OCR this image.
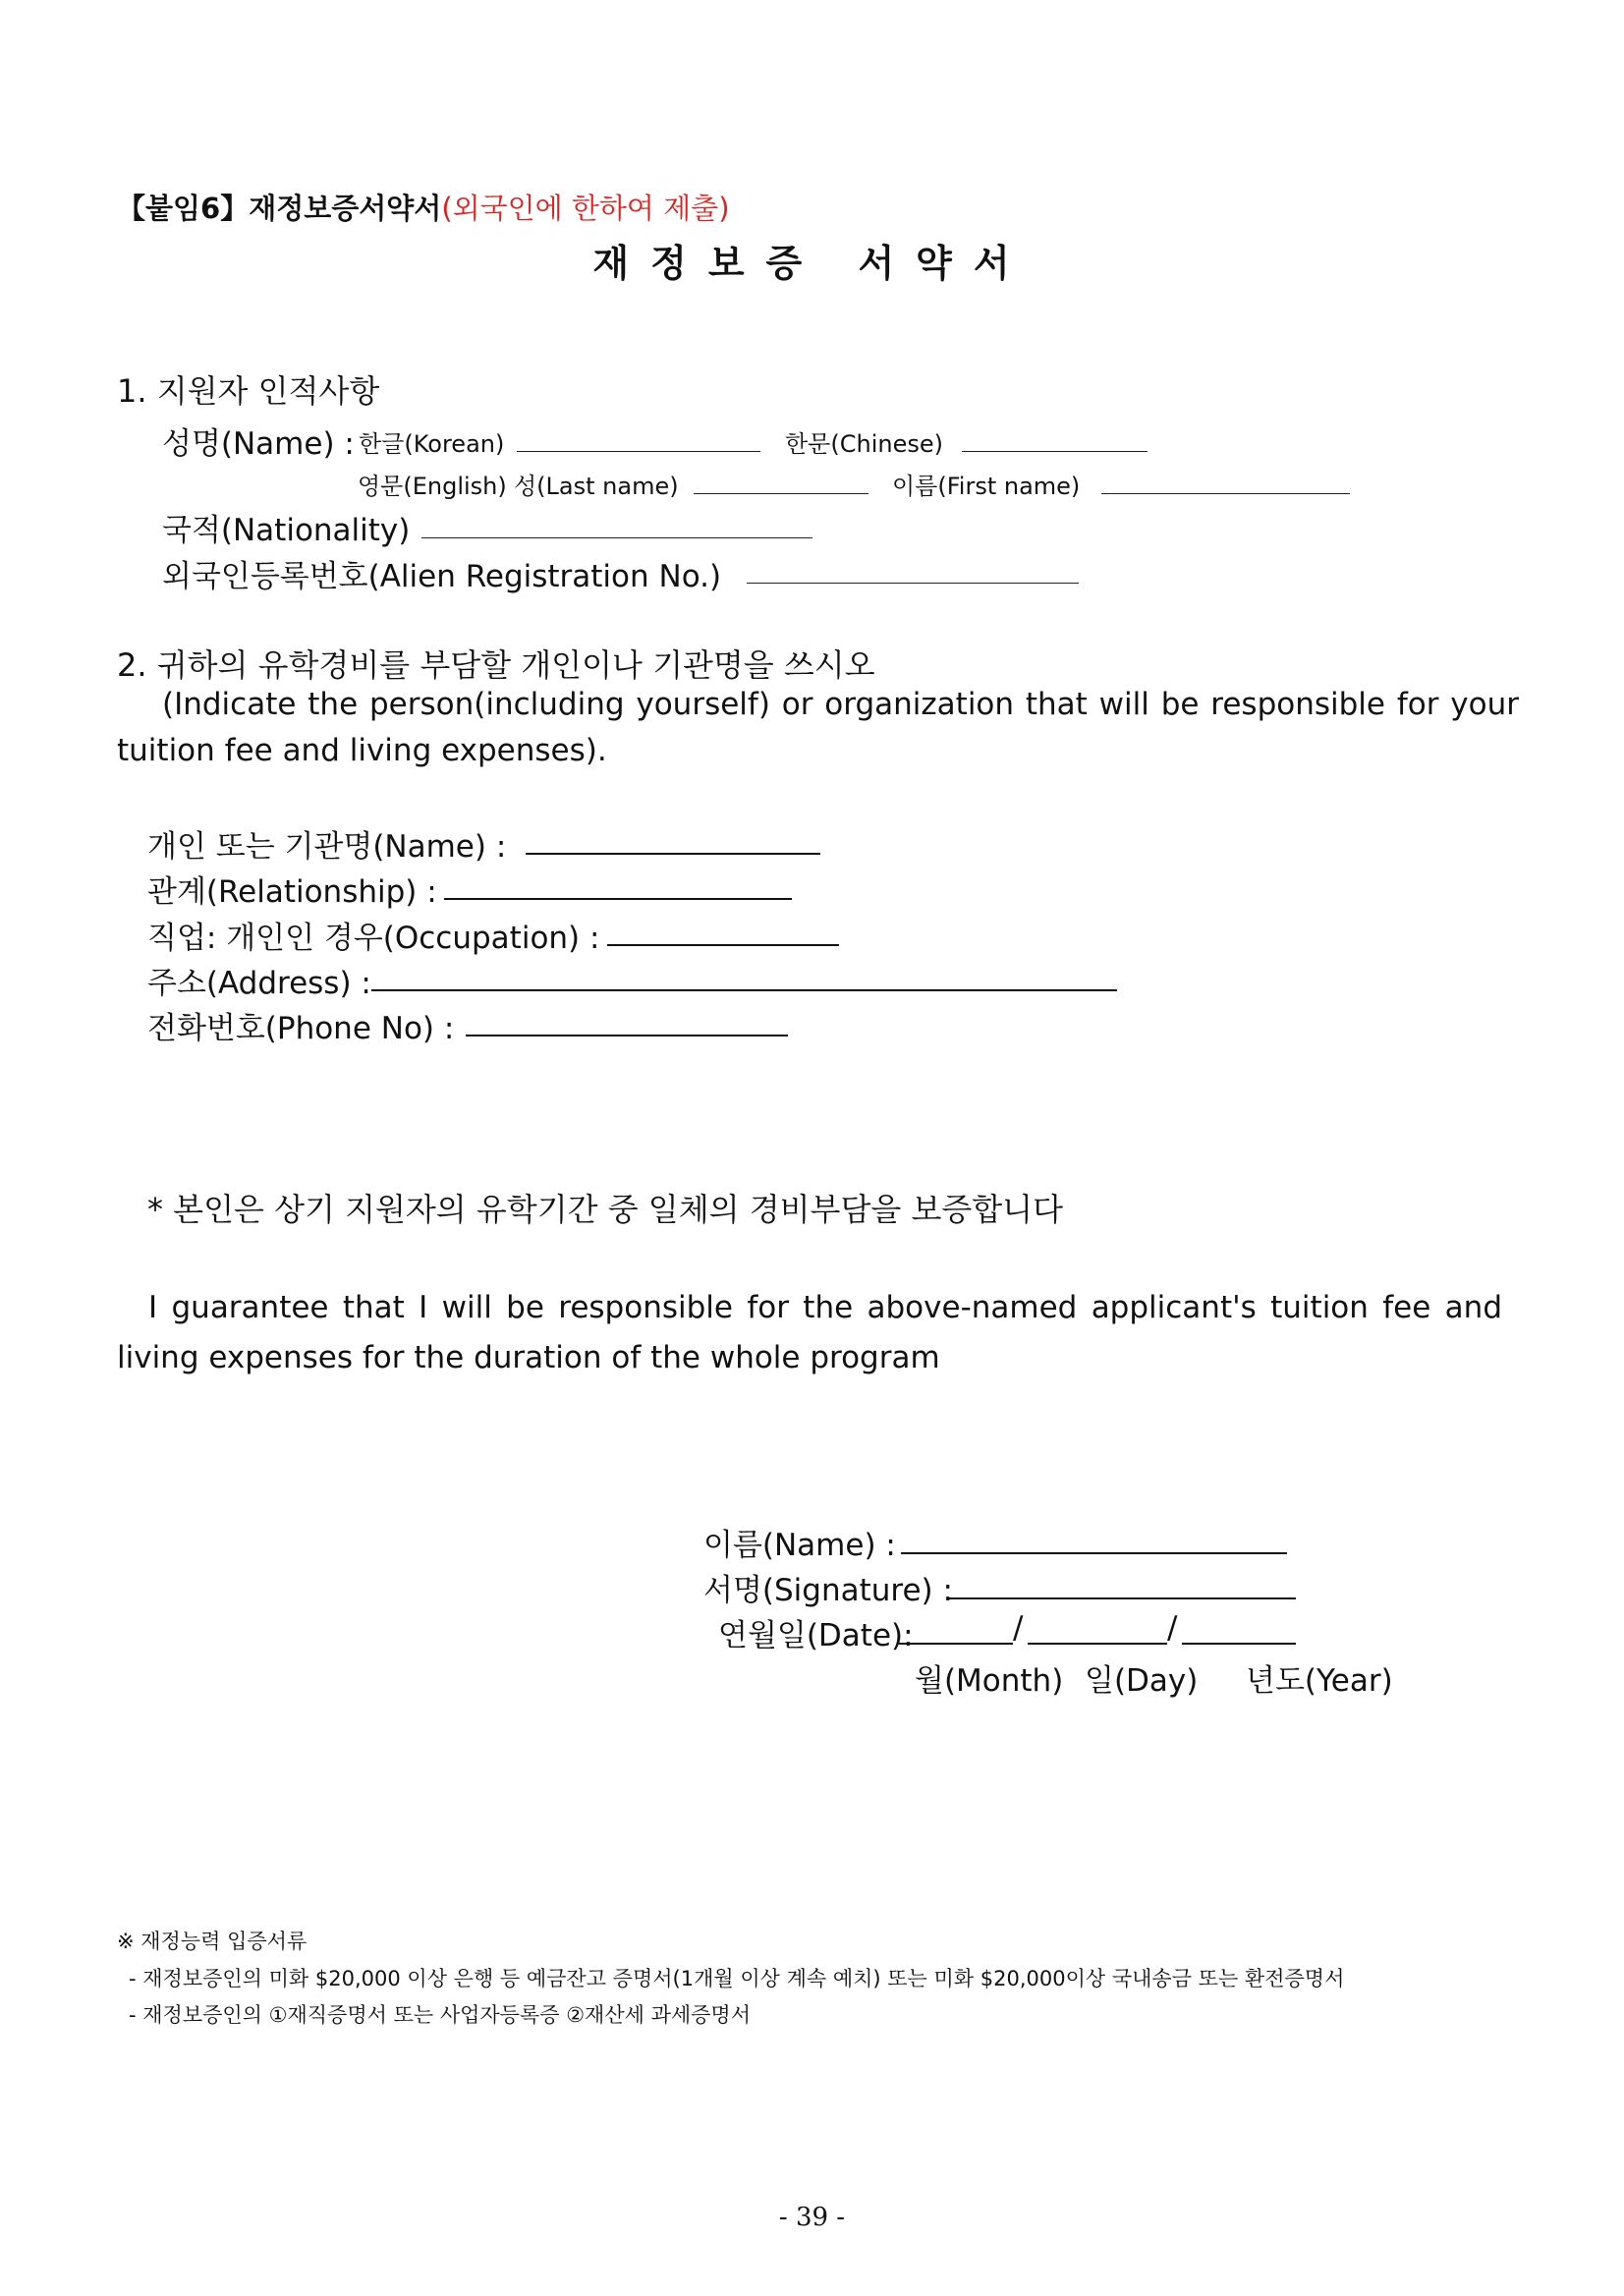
【붙임6】재정보증서약서(외국인에 한하여 제출)
재정보증 서약서
1. 지원자 인적사항
성명(Name) : 한글(Korean)	한문(Chinese)
영문(English) 성(Last name)	이름(First name)
국적(Nationality)
외국인등록번호(Alien Registration No.)
2. 귀하의 유학경비를 부담할 개인이나 기관명을 쓰시오
(Indicate the person(including yourself) or organization that will be responsible for your tuition fee and living expenses).
개인 또는 기관명(Name) :
관계(Relationship) :
직업: 개인인 경우(Occupation) :
주소(Address) :
전화번호(Phone No) :
* 본인은 상기 지원자의 유학기간 중 일체의 경비부담을 보증합니다
I guarantee that I will be responsible for the above-named applicant's tuition fee and living expenses for the duration of the whole program
이름(Name) :
서명(Signature) :
연월일(Date):	/	/
월(Month) 일(Day) 년도(Year)
※ 재정능력 입증서류
- 재정보증인의 미화 $20,000 이상 은행 등 예금잔고 증명서(1개월 이상 계속 예치) 또는 미화 $20,000이상 국내송금 또는 환전증명서
- 재정보증인의 ①재직증명서 또는 사업자등록증 ②재산세 과세증명서
- 39 -
